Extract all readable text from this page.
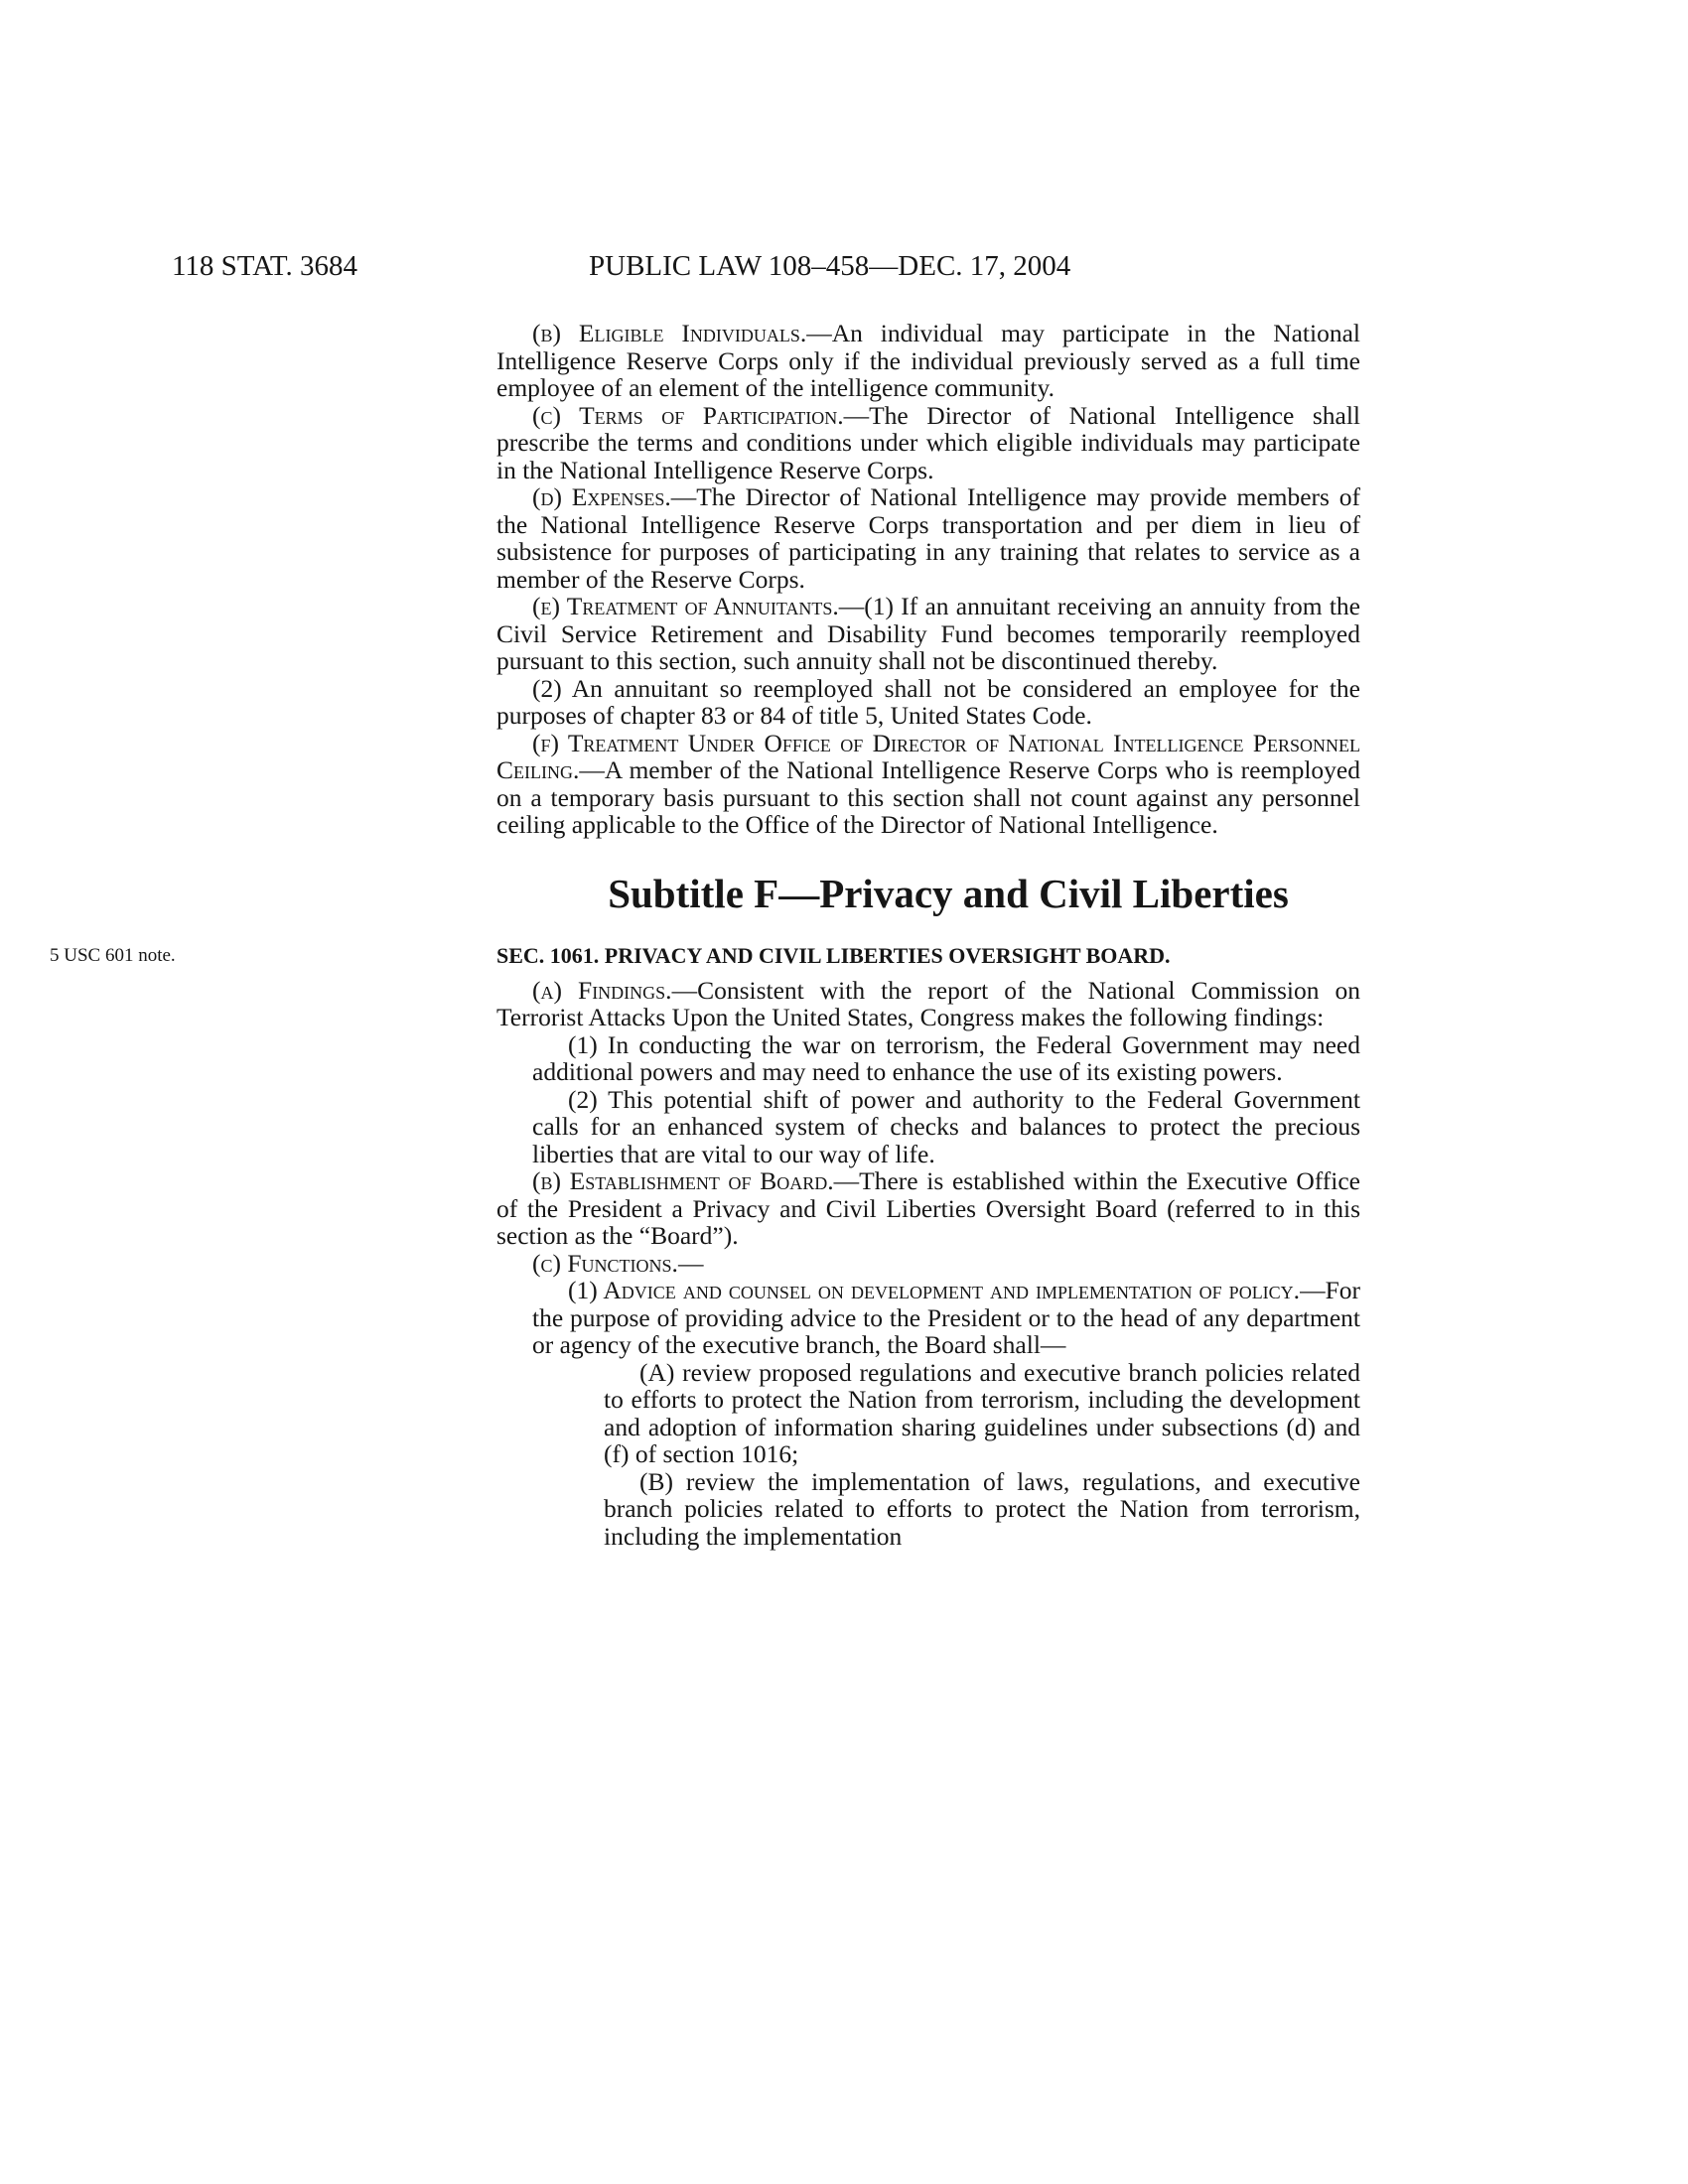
118 STAT. 3684	PUBLIC LAW 108–458—DEC. 17, 2004

(b) Eligible Individuals.—An individual may participate in the National Intelligence Reserve Corps only if the individual previously served as a full time employee of an element of the intelligence community.

(c) Terms of Participation.—The Director of National Intelligence shall prescribe the terms and conditions under which eligible individuals may participate in the National Intelligence Reserve Corps.

(d) Expenses.—The Director of National Intelligence may provide members of the National Intelligence Reserve Corps transportation and per diem in lieu of subsistence for purposes of participating in any training that relates to service as a member of the Reserve Corps.

(e) Treatment of Annuitants.—(1) If an annuitant receiving an annuity from the Civil Service Retirement and Disability Fund becomes temporarily reemployed pursuant to this section, such annuity shall not be discontinued thereby.

(2) An annuitant so reemployed shall not be considered an employee for the purposes of chapter 83 or 84 of title 5, United States Code.

(f) Treatment Under Office of Director of National Intelligence Personnel Ceiling.—A member of the National Intelligence Reserve Corps who is reemployed on a temporary basis pursuant to this section shall not count against any personnel ceiling applicable to the Office of the Director of National Intelligence.

Subtitle F—Privacy and Civil Liberties
5 USC 601 note.	SEC. 1061. PRIVACY AND CIVIL LIBERTIES OVERSIGHT BOARD.

(a) Findings.—Consistent with the report of the National Commission on Terrorist Attacks Upon the United States, Congress makes the following findings:

(1) In conducting the war on terrorism, the Federal Government may need additional powers and may need to enhance the use of its existing powers.

(2) This potential shift of power and authority to the Federal Government calls for an enhanced system of checks and balances to protect the precious liberties that are vital to our way of life.

(b) Establishment of Board.—There is established within the Executive Office of the President a Privacy and Civil Liberties Oversight Board (referred to in this section as the “Board”).

(c) Functions.—

(1) Advice and counsel on development and implementation of policy.—For the purpose of providing advice to the President or to the head of any department or agency of the executive branch, the Board shall—

(A) review proposed regulations and executive branch policies related to efforts to protect the Nation from terrorism, including the development and adoption of information sharing guidelines under subsections (d) and (f) of section 1016;

(B) review the implementation of laws, regulations, and executive branch policies related to efforts to protect the Nation from terrorism, including the implementation
